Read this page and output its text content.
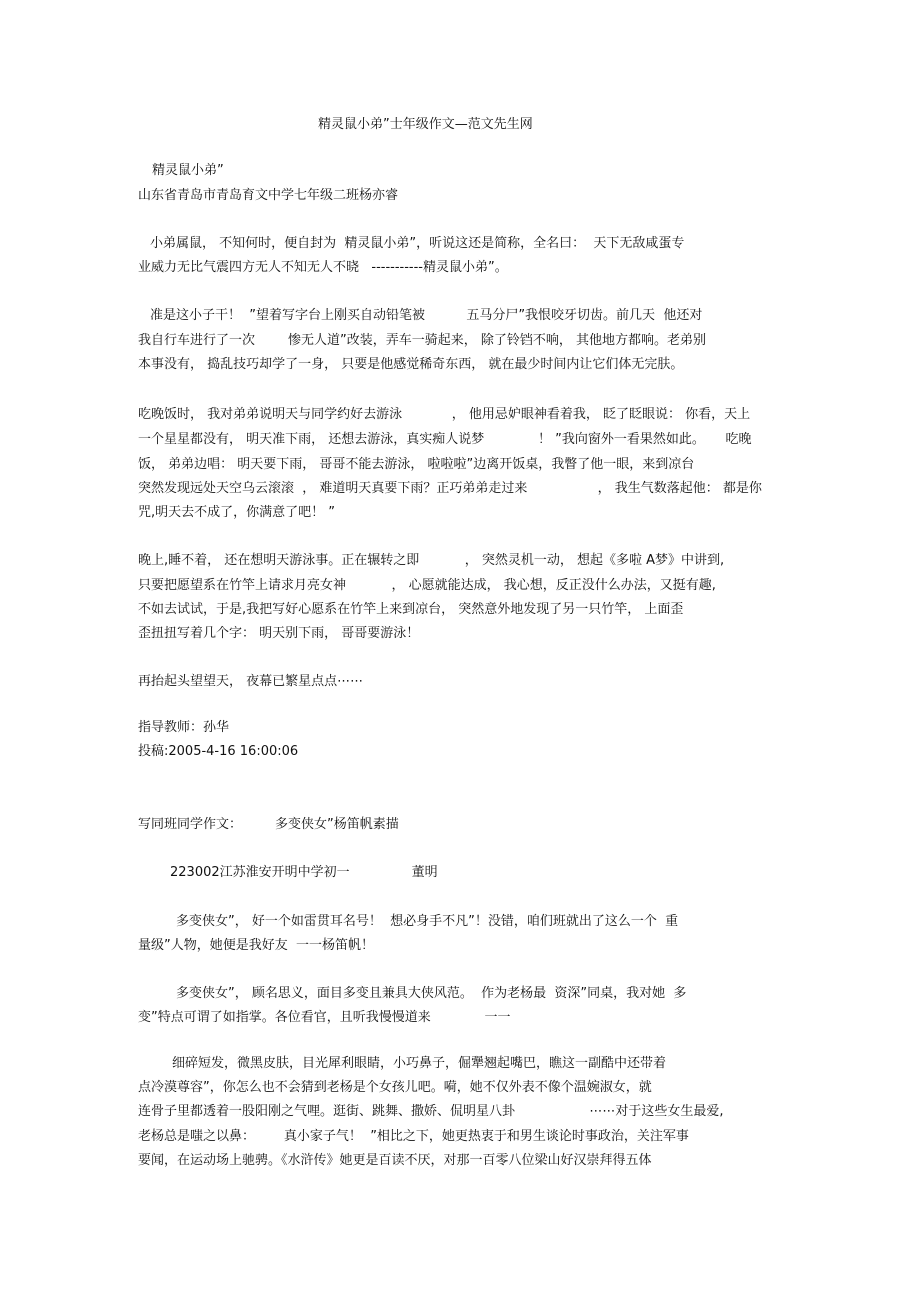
精灵鼠小弟”士年级作文—范文先生网
精灵鼠小弟”
山东省青岛市青岛育文中学七年级二班杨亦睿
小弟属鼠， 不知何时，便自封为  精灵鼠小弟”，听说这还是简称，全名曰：  天下无敌咸蛋专
业威力无比气震四方无人不知无人不晓   -----------精灵鼠小弟”。
准是这小子干！  ”望着写字台上刚买自动铅笔被          五马分尸”我恨咬牙切齿。前几天  他还对
我自行车进行了一次        惨无人道”改装，弄车一骑起来， 除了铃铛不响， 其他地方都响。老弟别
本事没有， 捣乱技巧却学了一身， 只要是他感觉稀奇东西， 就在最少时间内让它们体无完肤。
吃晚饭时， 我对弟弟说明天与同学约好去游泳            ， 他用忌妒眼神看着我， 眨了眨眼说： 你看，天上
一个星星都没有， 明天准下雨， 还想去游泳，真实痴人说梦             ！ ”我向窗外一看果然如此。     吃晚
饭， 弟弟边唱： 明天要下雨， 哥哥不能去游泳， 啦啦啦”边离开饭桌，我瞥了他一眼，来到凉台
突然发现远处天空乌云滚滚  ， 难道明天真要下雨？正巧弟弟走过来                 ， 我生气数落起他： 都是你
咒,明天去不成了，你满意了吧！ ”
晚上,睡不着， 还在想明天游泳事。正在辗转之即           ， 突然灵机一动， 想起《多啦 A梦》中讲到,
只要把愿望系在竹竿上请求月亮女神           ， 心愿就能达成， 我心想，反正没什么办法，又挺有趣,
不如去试试，于是,我把写好心愿系在竹竿上来到凉台， 突然意外地发现了另一只竹竿， 上面歪
歪扭扭写着几个字： 明天别下雨， 哥哥要游泳！
再抬起头望望天， 夜幕已繁星点点⋯⋯
指导教师：孙华
投稿:2005-4-16 16:00:06
写同班同学作文：        多变侠女”杨笛帆素描
223002江苏淮安开明中学初一               董明
多变侠女”， 好一个如雷贯耳名号！  想必身手不凡”！没错，咱们班就出了这么一个  重
量级”人物，她便是我好友  一一杨笛帆！
多变侠女”， 顾名思义，面目多变且兼具大侠风范。  作为老杨最  资深”同桌，我对她  多
变”特点可谓了如指掌。各位看官，且听我慢慢道来             一一
细碎短发，微黑皮肤，目光犀利眼睛，小巧鼻子，倔犟翘起嘴巴，瞧这一副酷中还带着
点冷漠尊容”，你怎么也不会猜到老杨是个女孩儿吧。嗬，她不仅外表不像个温婉淑女，就
连骨子里都透着一股阳刚之气哩。逛街、跳舞、撒娇、侃明星八卦                  ⋯⋯对于这些女生最爱,
老杨总是嗤之以鼻：       真小家子气！  ”相比之下，她更热衷于和男生谈论时事政治，关注军事
要闻，在运动场上驰骋。《水浒传》她更是百读不厌，对那一百零八位梁山好汉崇拜得五体
